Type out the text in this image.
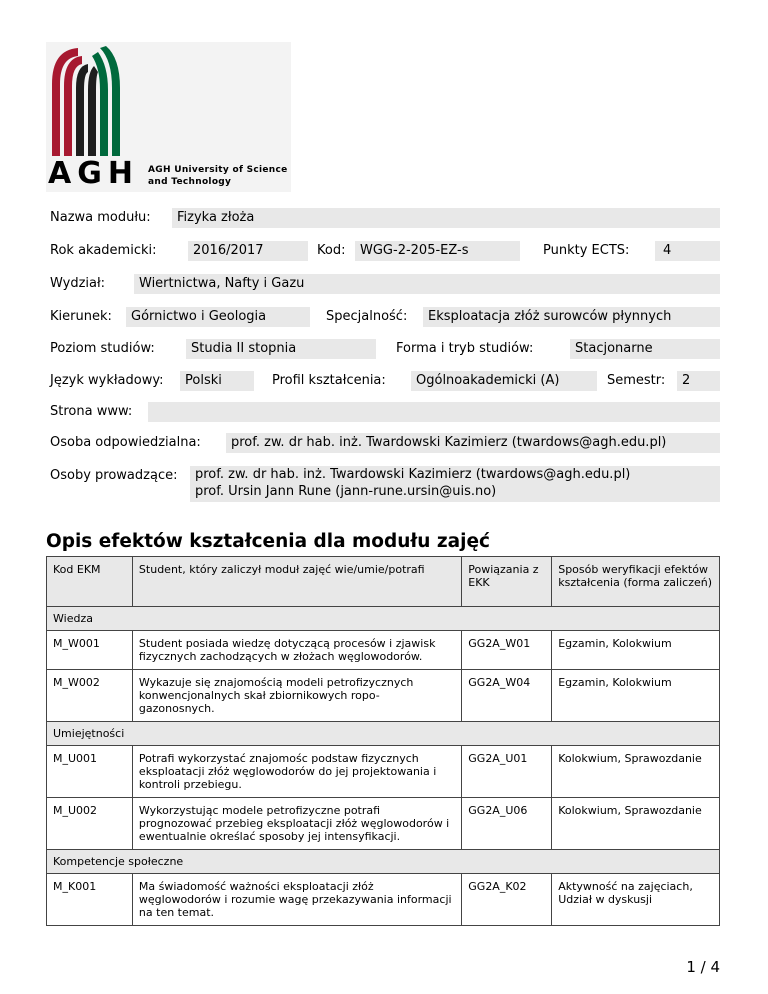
AGH AGH University of Science
and Technology
Nazwa modułu:	Fizyka złoża
Rok akademicki:	2016/2017	Kod:	WGG-2-205-EZ-s	Punkty ECTS:	4
Wydział:	Wiertnictwa, Nafty i Gazu
Kierunek:	Górnictwo i Geologia	Specjalność:	Eksploatacja złóż surowców płynnych
Poziom studiów:	Studia II stopnia	Forma i tryb studiów:	Stacjonarne
Język wykładowy:	Polski	Profil kształcenia:	Ogólnoakademicki (A)	Semestr:	2
Strona www:
Osoba odpowiedzialna:	prof. zw. dr hab. inż. Twardowski Kazimierz (twardows@agh.edu.pl)
Osoby prowadzące: prof. zw. dr hab. inż. Twardowski Kazimierz (twardows@agh.edu.pl)
prof. Ursin Jann Rune (jann-rune.ursin@uis.no)
Opis efektów kształcenia dla modułu zajęć
Kod EKM	Student, który zaliczył moduł zajęć wie/umie/potrafi	Powiązania z EKK	Sposób weryfikacji efektów kształcenia (forma zaliczeń)
Wiedza			
M_W001	Student posiada wiedzę dotyczącą procesów i zjawisk fizycznych zachodzących w złożach węglowodorów.	GG2A_W01	Egzamin, Kolokwium
M_W002	Wykazuje się znajomością modeli petrofizycznych konwencjonalnych skał zbiornikowych ropo-gazonosnych.	GG2A_W04	Egzamin, Kolokwium
Umiejętności			
M_U001	Potrafi wykorzystać znajomośc podstaw fizycznych eksploatacji złóż węglowodorów do jej projektowania i kontroli przebiegu.	GG2A_U01	Kolokwium, Sprawozdanie
M_U002	Wykorzystując modele petrofizyczne potrafi prognozować przebieg eksploatacji złóż węglowodorów i ewentualnie określać sposoby jej intensyfikacji.	GG2A_U06	Kolokwium, Sprawozdanie
Kompetencje społeczne			
M_K001	Ma świadomość ważności eksploatacji złóż węglowodorów i rozumie wagę przekazywania informacji na ten temat.	GG2A_K02	Aktywność na zajęciach, Udział w dyskusji
1 / 4
